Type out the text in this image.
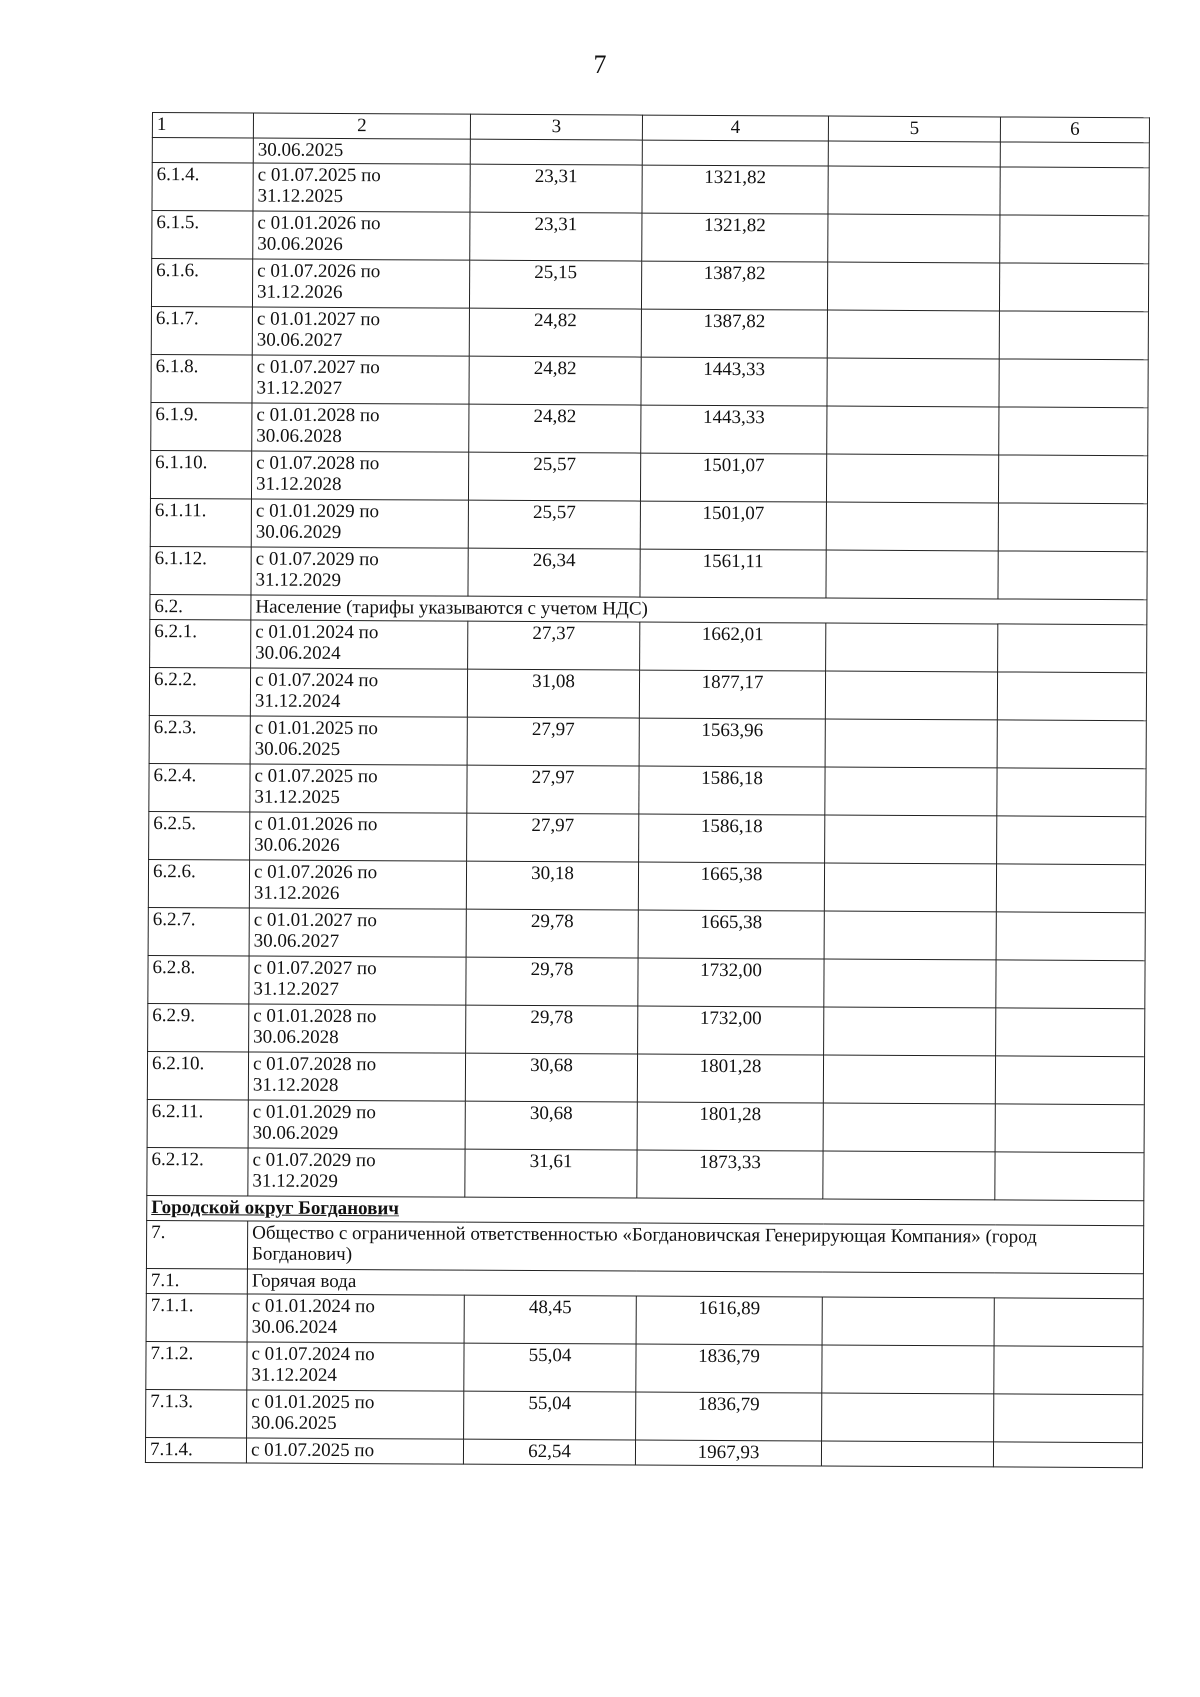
7
1	2	3	4	5	6
	30.06.2025				
6.1.4.	с 01.07.2025 по 31.12.2025	23,31	1321,82		
6.1.5.	с 01.01.2026 по 30.06.2026	23,31	1321,82		
6.1.6.	с 01.07.2026 по 31.12.2026	25,15	1387,82		
6.1.7.	с 01.01.2027 по 30.06.2027	24,82	1387,82		
6.1.8.	с 01.07.2027 по 31.12.2027	24,82	1443,33		
6.1.9.	с 01.01.2028 по 30.06.2028	24,82	1443,33		
6.1.10.	с 01.07.2028 по 31.12.2028	25,57	1501,07		
6.1.11.	с 01.01.2029 по 30.06.2029	25,57	1501,07		
6.1.12.	с 01.07.2029 по 31.12.2029	26,34	1561,11		
6.2.	Население (тарифы указываются с учетом НДС)				
6.2.1.	с 01.01.2024 по 30.06.2024	27,37	1662,01		
6.2.2.	с 01.07.2024 по 31.12.2024	31,08	1877,17		
6.2.3.	с 01.01.2025 по 30.06.2025	27,97	1563,96		
6.2.4.	с 01.07.2025 по 31.12.2025	27,97	1586,18		
6.2.5.	с 01.01.2026 по 30.06.2026	27,97	1586,18		
6.2.6.	с 01.07.2026 по 31.12.2026	30,18	1665,38		
6.2.7.	с 01.01.2027 по 30.06.2027	29,78	1665,38		
6.2.8.	с 01.07.2027 по 31.12.2027	29,78	1732,00		
6.2.9.	с 01.01.2028 по 30.06.2028	29,78	1732,00		
6.2.10.	с 01.07.2028 по 31.12.2028	30,68	1801,28		
6.2.11.	с 01.01.2029 по 30.06.2029	30,68	1801,28		
6.2.12.	с 01.07.2029 по 31.12.2029	31,61	1873,33		
Городской округ Богданович					
7.	Общество с ограниченной ответственностью «Богдановичская Генерирующая Компания» (город Богданович)				
7.1.	Горячая вода				
7.1.1.	с 01.01.2024 по 30.06.2024	48,45	1616,89		
7.1.2.	с 01.07.2024 по 31.12.2024	55,04	1836,79		
7.1.3.	с 01.01.2025 по 30.06.2025	55,04	1836,79		
7.1.4.	с 01.07.2025 по	62,54	1967,93		
